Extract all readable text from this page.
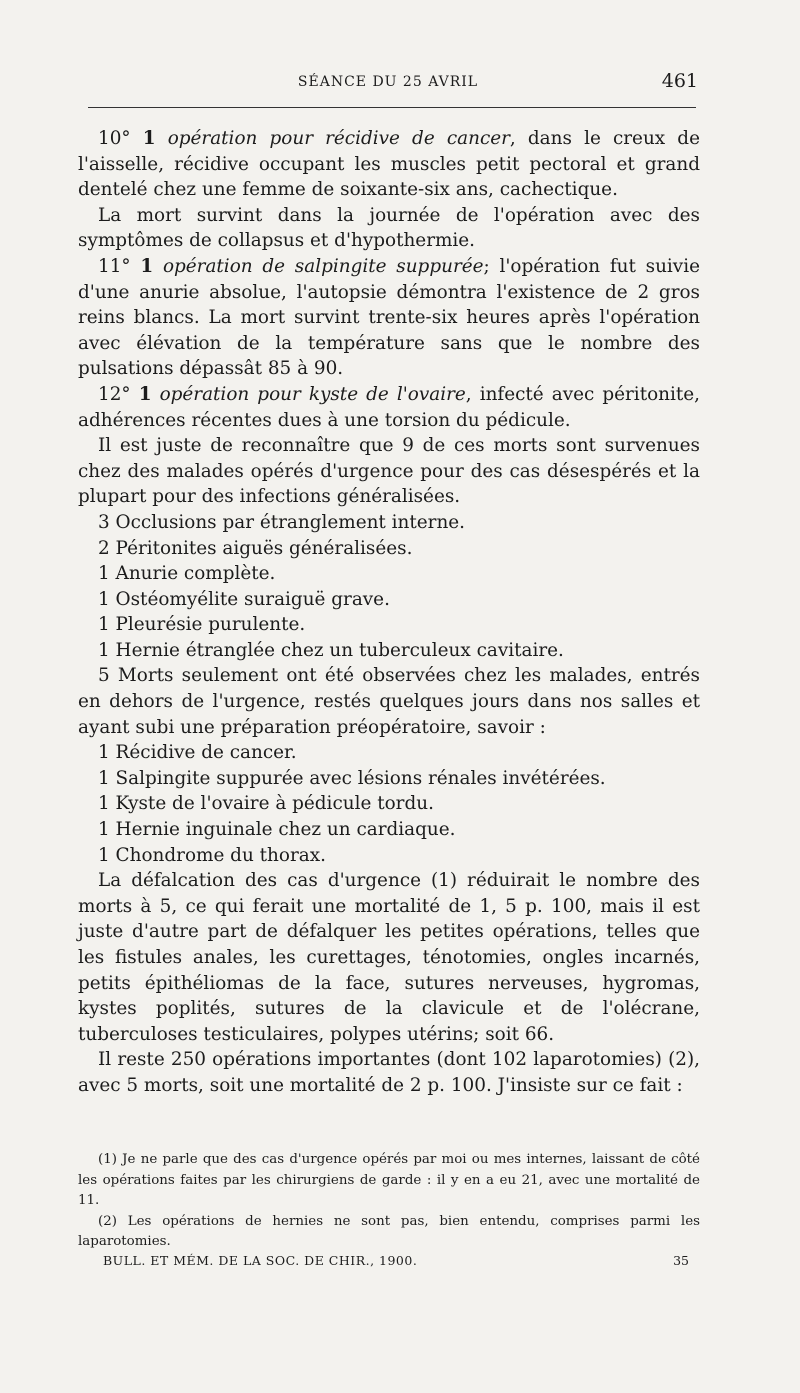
SÉANCE DU 25 AVRIL	461

10° 1 opération pour récidive de cancer, dans le creux de l'aisselle, récidive occupant les muscles petit pectoral et grand dentelé chez une femme de soixante-six ans, cachectique.

La mort survint dans la journée de l'opération avec des symptômes de collapsus et d'hypothermie.

11° 1 opération de salpingite suppurée; l'opération fut suivie d'une anurie absolue, l'autopsie démontra l'existence de 2 gros reins blancs. La mort survint trente-six heures après l'opération avec élévation de la température sans que le nombre des pulsations dépassât 85 à 90.

12° 1 opération pour kyste de l'ovaire, infecté avec péritonite, adhérences récentes dues à une torsion du pédicule.

Il est juste de reconnaître que 9 de ces morts sont survenues chez des malades opérés d'urgence pour des cas désespérés et la plupart pour des infections généralisées.

3 Occlusions par étranglement interne.

2 Péritonites aiguës généralisées.

1 Anurie complète.

1 Ostéomyélite suraiguë grave.

1 Pleurésie purulente.

1 Hernie étranglée chez un tuberculeux cavitaire.

5 Morts seulement ont été observées chez les malades, entrés en dehors de l'urgence, restés quelques jours dans nos salles et ayant subi une préparation préopératoire, savoir :

1 Récidive de cancer.

1 Salpingite suppurée avec lésions rénales invétérées.

1 Kyste de l'ovaire à pédicule tordu.

1 Hernie inguinale chez un cardiaque.

1 Chondrome du thorax.

La défalcation des cas d'urgence (1) réduirait le nombre des morts à 5, ce qui ferait une mortalité de 1, 5 p. 100, mais il est juste d'autre part de défalquer les petites opérations, telles que les fistules anales, les curettages, ténotomies, ongles incarnés, petits épithéliomas de la face, sutures nerveuses, hygromas, kystes poplités, sutures de la clavicule et de l'olécrane, tuberculoses testiculaires, polypes utérins; soit 66.

Il reste 250 opérations importantes (dont 102 laparotomies) (2), avec 5 morts, soit une mortalité de 2 p. 100. J'insiste sur ce fait :

(1) Je ne parle que des cas d'urgence opérés par moi ou mes internes, laissant de côté les opérations faites par les chirurgiens de garde : il y en a eu 21, avec une mortalité de 11.

(2) Les opérations de hernies ne sont pas, bien entendu, comprises parmi les laparotomies.

BULL. ET MÉM. DE LA SOC. DE CHIR., 1900.	35
